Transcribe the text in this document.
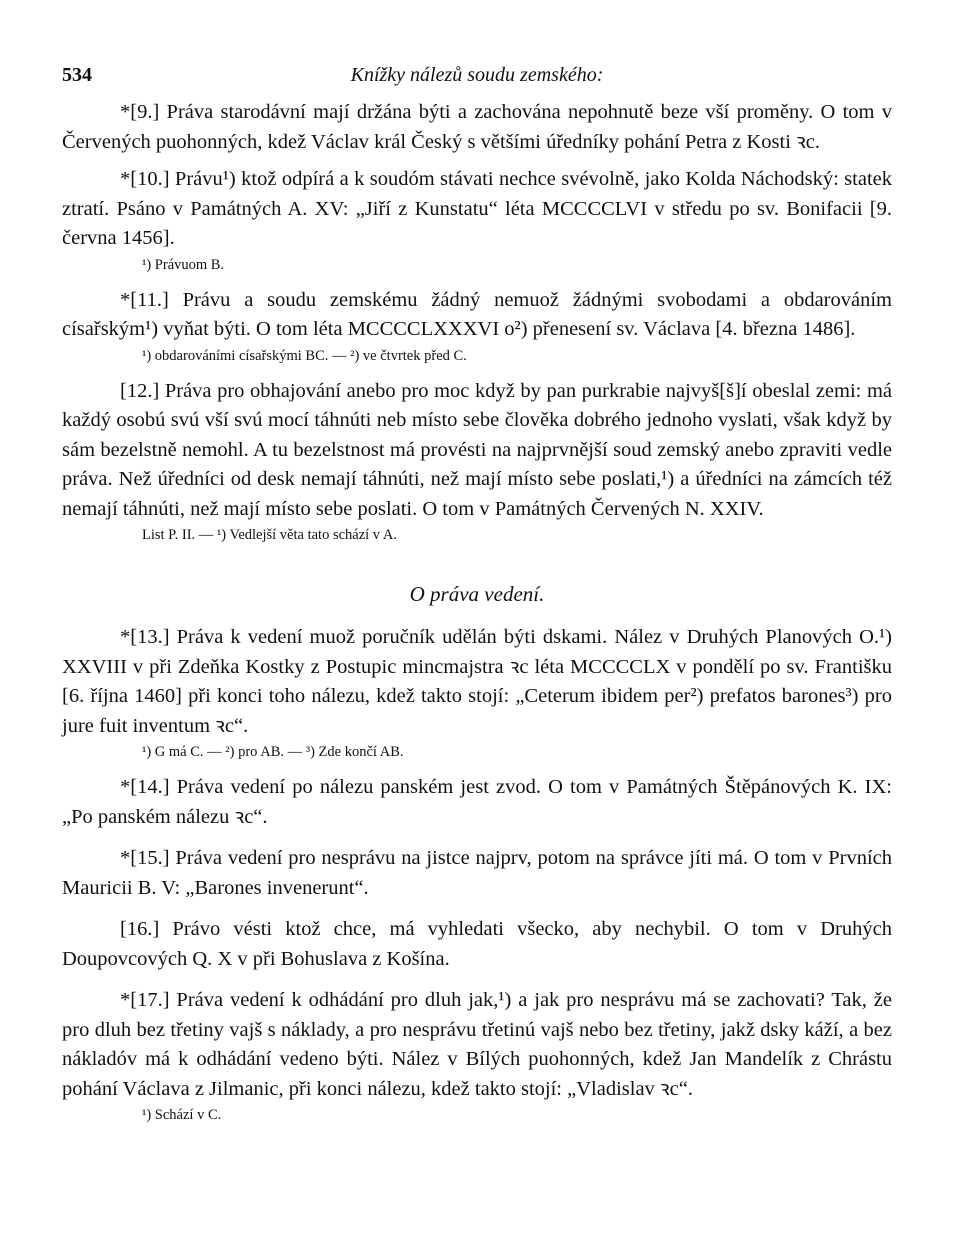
534	Knížky nálezů soudu zemského:

*[9.] Práva starodávní mají držána býti a zachována nepohnutě beze vší proměny. O tom v Červených puohonných, kdež Václav král Český s většími úředníky pohání Petra z Kosti ꝛc.

*[10.] Právu¹) ktož odpírá a k soudóm stávati nechce svévolně, jako Kolda Náchodský: statek ztratí. Psáno v Památných A. XV: „Jiří z Kunstatu“ léta MCCCCLVI v středu po sv. Bonifacii [9. června 1456].

¹) Právuom B.

*[11.] Právu a soudu zemskému žádný nemuož žádnými svobodami a obdarováním císařským¹) vyňat býti. O tom léta MCCCCLXXXVI o²) přenesení sv. Václava [4. března 1486].

¹) obdarováními císařskými BC. — ²) ve čtvrtek před C.

[12.] Práva pro obhajování anebo pro moc když by pan purkrabie najvyš[š]í obeslal zemi: má každý osobú svú vší svú mocí táhnúti neb místo sebe člověka dobrého jednoho vyslati, však když by sám bezelstně nemohl. A tu bezelstnost má provésti na najprvnější soud zemský anebo zpraviti vedle práva. Než úředníci od desk nemají táhnúti, než mají místo sebe poslati,¹) a úředníci na zámcích též nemají táhnúti, než mají místo sebe poslati. O tom v Památných Červených N. XXIV.

List P. II. — ¹) Vedlejší věta tato schází v A.

O práva vedení.

*[13.] Práva k vedení muož poručník udělán býti dskami. Nález v Druhých Planových O.¹) XXVIII v při Zdeňka Kostky z Postupic mincmajstra ꝛc léta MCCCCLX v pondělí po sv. Františku [6. října 1460] při konci toho nálezu, kdež takto stojí: „Ceterum ibidem per²) prefatos barones³) pro jure fuit inventum ꝛc“.

¹) G má C. — ²) pro AB. — ³) Zde končí AB.

*[14.] Práva vedení po nálezu panském jest zvod. O tom v Památných Štěpánových K. IX: „Po panském nálezu ꝛc“.

*[15.] Práva vedení pro nesprávu na jistce najprv, potom na správce jíti má. O tom v Prvních Mauricii B. V: „Barones invenerunt“.

[16.] Právo vésti ktož chce, má vyhledati všecko, aby nechybil. O tom v Druhých Doupovcových Q. X v při Bohuslava z Košína.

*[17.] Práva vedení k odhádání pro dluh jak,¹) a jak pro nesprávu má se zachovati? Tak, že pro dluh bez třetiny vajš s náklady, a pro nesprávu třetinú vajš nebo bez třetiny, jakž dsky káží, a bez nákladóv má k odhádání vedeno býti. Nález v Bílých puohonných, kdež Jan Mandelík z Chrástu pohání Václava z Jilmanic, při konci nálezu, kdež takto stojí: „Vladislav ꝛc“.

¹) Schází v C.
